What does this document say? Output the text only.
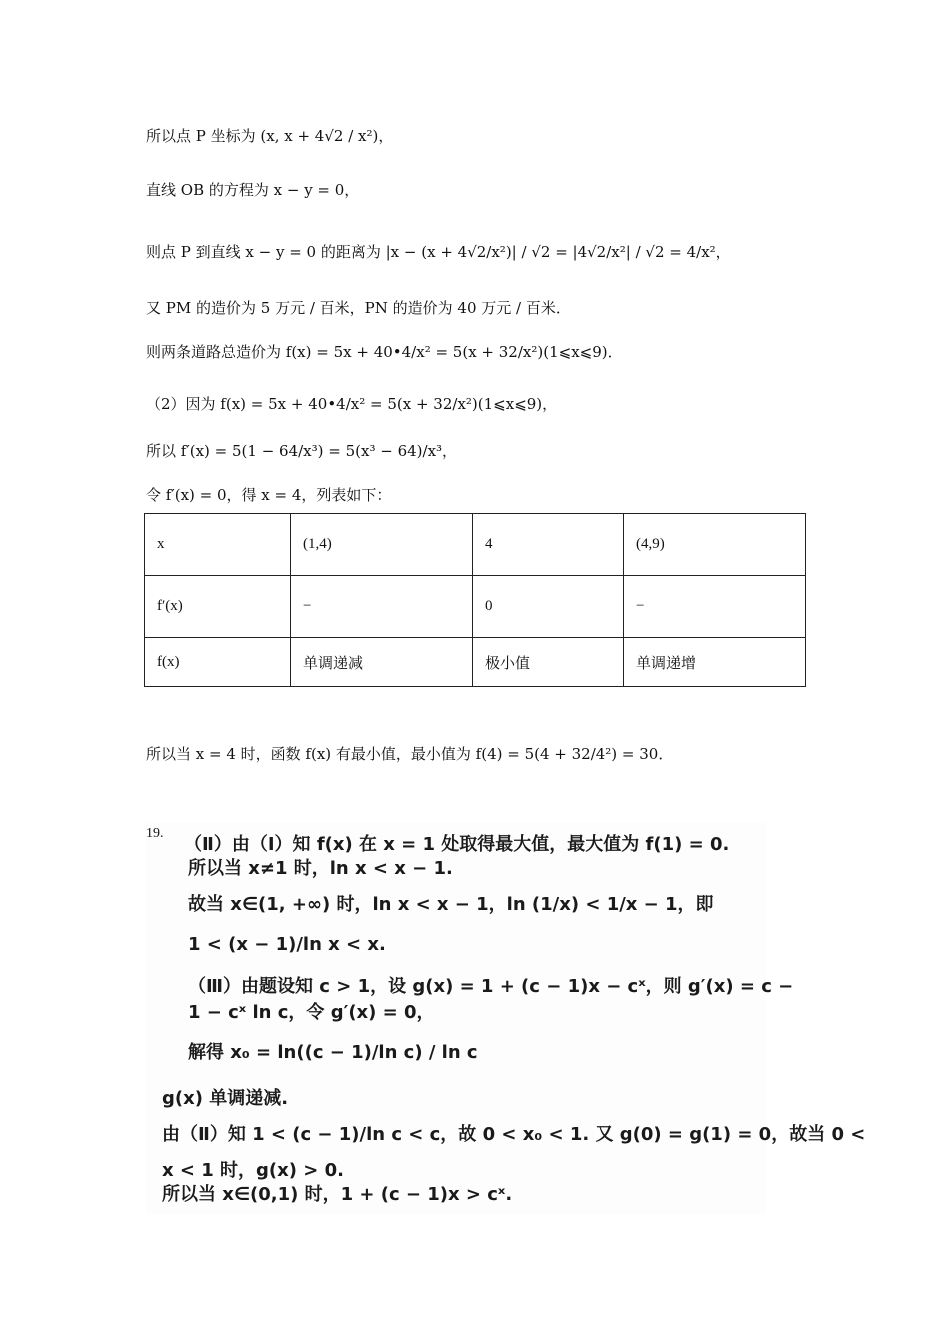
所以点 P 坐标为 (x, x + 4√2 / x²)，
直线 OB 的方程为 x − y = 0，
则点 P 到直线 x − y = 0 的距离为 |x − (x + 4√2/x²)| / √2 = |4√2/x²| / √2 = 4/x²，
又 PM 的造价为 5 万元 / 百米，PN 的造价为 40 万元 / 百米．
则两条道路总造价为 f(x) = 5x + 40•4/x² = 5(x + 32/x²)(1⩽x⩽9)．
（2）因为 f(x) = 5x + 40•4/x² = 5(x + 32/x²)(1⩽x⩽9)，
所以 f′(x) = 5(1 − 64/x³) = 5(x³ − 64)/x³，
令 f′(x) = 0，得 x = 4，列表如下：
x	(1,4)	4	(4,9)
f′(x)	−	0	−
f(x)	单调递减	极小值	单调递增
所以当 x = 4 时，函数 f(x) 有最小值，最小值为 f(4) = 5(4 + 32/4²) = 30．
19.
（Ⅱ）由（Ⅰ）知 f(x) 在 x = 1 处取得最大值，最大值为 f(1) = 0.
所以当 x≠1 时，ln x < x − 1.
故当 x∈(1, +∞) 时，ln x < x − 1，ln (1/x) < 1/x − 1，即
1 < (x − 1)/ln x < x.
（Ⅲ）由题设知 c > 1，设 g(x) = 1 + (c − 1)x − cˣ，则 g′(x) = c −
1 − cˣ ln c，令 g′(x) = 0，
解得 x₀ = ln((c − 1)/ln c) / ln c
g(x) 单调递减.
由（Ⅱ）知 1 < (c − 1)/ln c < c，故 0 < x₀ < 1. 又 g(0) = g(1) = 0，故当 0 <
x < 1 时，g(x) > 0.
所以当 x∈(0,1) 时，1 + (c − 1)x > cˣ.
